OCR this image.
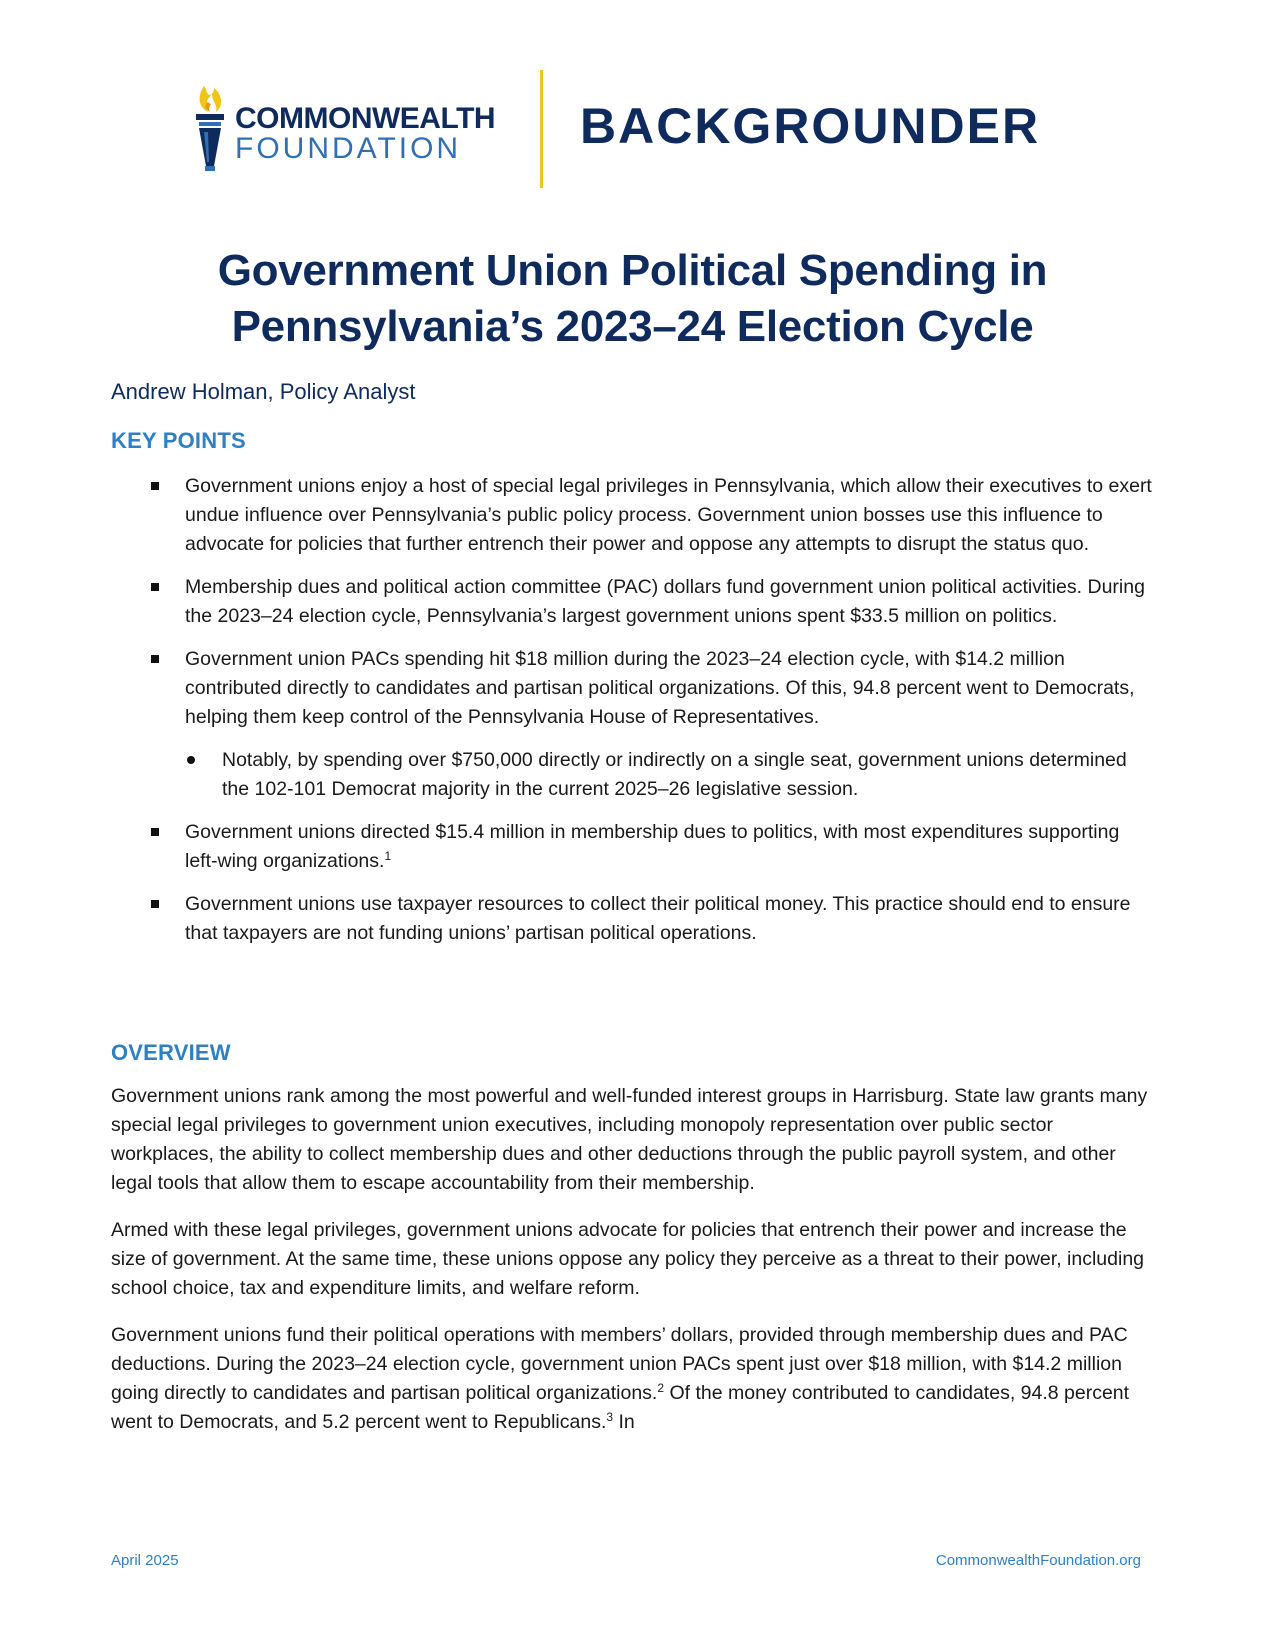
COMMONWEALTH
FOUNDATION BACKGROUNDER
Government Union Political Spending in
Pennsylvania’s 2023–24 Election Cycle
Andrew Holman, Policy Analyst
KEY POINTS
Government unions enjoy a host of special legal privileges in Pennsylvania, which allow their executives to exert undue influence over Pennsylvania’s public policy process. Government union bosses use this influence to advocate for policies that further entrench their power and oppose any attempts to disrupt the status quo.
Membership dues and political action committee (PAC) dollars fund government union political activities. During the 2023–24 election cycle, Pennsylvania’s largest government unions spent $33.5 million on politics.
Government union PACs spending hit $18 million during the 2023–24 election cycle, with $14.2 million contributed directly to candidates and partisan political organizations. Of this, 94.8 percent went to Democrats, helping them keep control of the Pennsylvania House of Representatives.
Notably, by spending over $750,000 directly or indirectly on a single seat, government unions determined the 102-101 Democrat majority in the current 2025–26 legislative session.
Government unions directed $15.4 million in membership dues to politics, with most expenditures supporting left-wing organizations.$^1$
Government unions use taxpayer resources to collect their political money. This practice should end to ensure that taxpayers are not funding unions’ partisan political operations.
OVERVIEW

Government unions rank among the most powerful and well-funded interest groups in Harrisburg. State law grants many special legal privileges to government union executives, including monopoly representation over public sector workplaces, the ability to collect membership dues and other deductions through the public payroll system, and other legal tools that allow them to escape accountability from their membership.

Armed with these legal privileges, government unions advocate for policies that entrench their power and increase the size of government. At the same time, these unions oppose any policy they perceive as a threat to their power, including school choice, tax and expenditure limits, and welfare reform.

Government unions fund their political operations with members’ dollars, provided through membership dues and PAC deductions. During the 2023–24 election cycle, government union PACs spent just over $18 million, with $14.2 million going directly to candidates and partisan political organizations.$^2$ Of the money contributed to candidates, 94.8 percent went to Democrats, and 5.2 percent went to Republicans.$^3$ In

April 2025	CommonwealthFoundation.org
